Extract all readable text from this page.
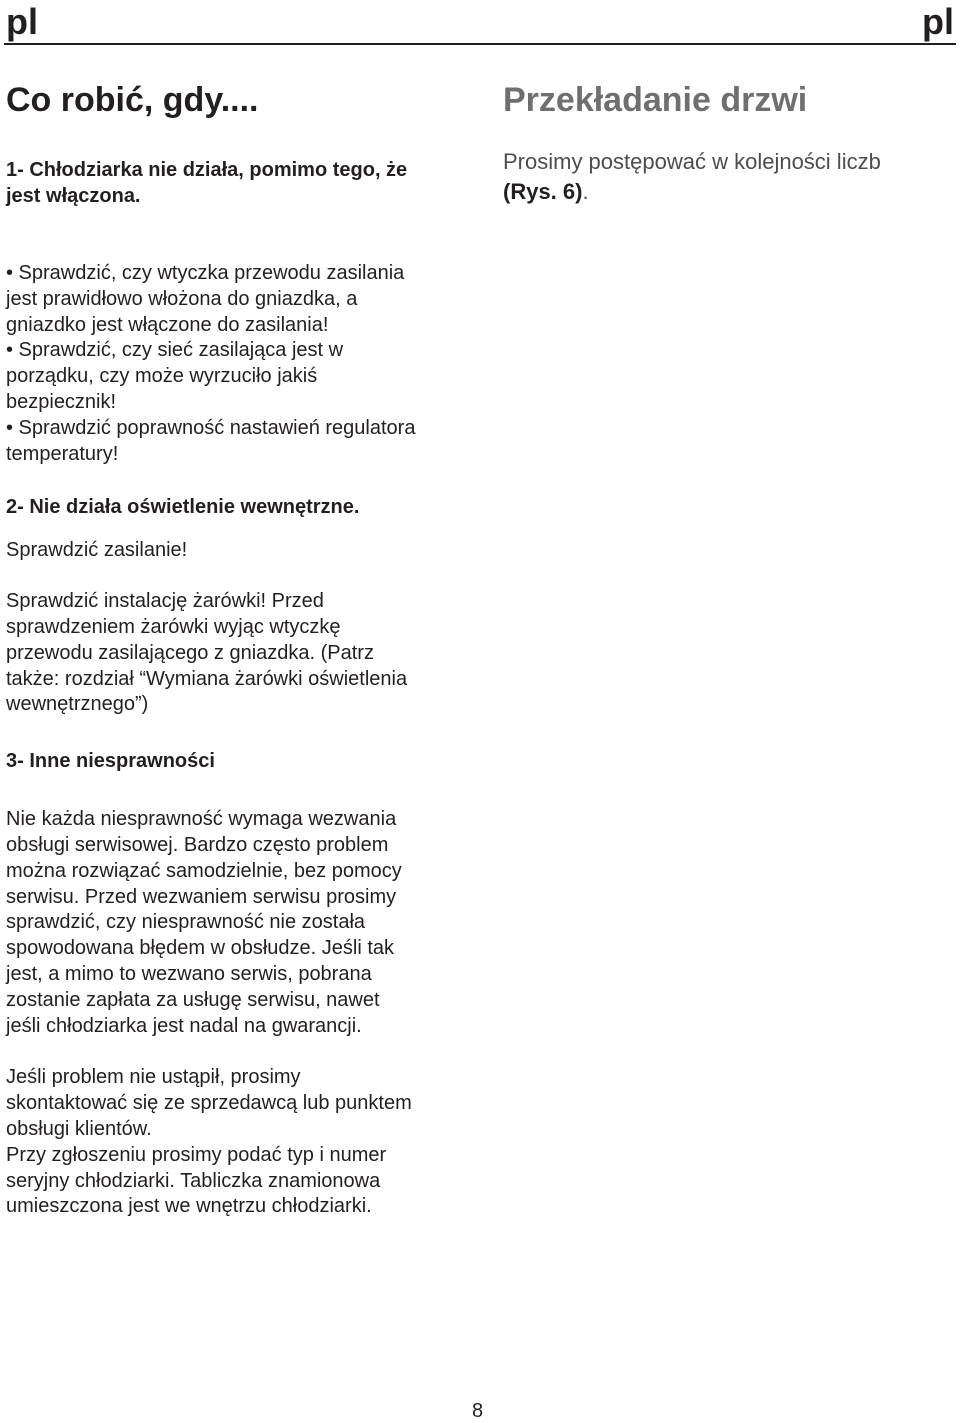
pl	pl
Co robić, gdy....

1- Chłodziarka nie działa, pomimo tego, że
jest włączona.

• Sprawdzić, czy wtyczka przewodu zasilania
jest prawidłowo włożona do gniazdka, a
gniazdko jest włączone do zasilania!

• Sprawdzić, czy sieć zasilająca jest w
porządku, czy może wyrzuciło jakiś
bezpiecznik!

• Sprawdzić poprawność nastawień regulatora
temperatury!

2- Nie działa oświetlenie wewnętrzne.

Sprawdzić zasilanie!

Sprawdzić instalację żarówki! Przed
sprawdzeniem żarówki wyjąc wtyczkę
przewodu zasilającego z gniazdka. (Patrz
także: rozdział “Wymiana żarówki oświetlenia
wewnętrznego”)

3- Inne niesprawności

Nie każda niesprawność wymaga wezwania
obsługi serwisowej. Bardzo często problem
można rozwiązać samodzielnie, bez pomocy
serwisu. Przed wezwaniem serwisu prosimy
sprawdzić, czy niesprawność nie została
spowodowana błędem w obsłudze. Jeśli tak
jest, a mimo to wezwano serwis, pobrana
zostanie zapłata za usługę serwisu, nawet
jeśli chłodziarka jest nadal na gwarancji.

Jeśli problem nie ustąpił, prosimy
skontaktować się ze sprzedawcą lub punktem
obsługi klientów.
Przy zgłoszeniu prosimy podać typ i numer
seryjny chłodziarki. Tabliczka znamionowa
umieszczona jest we wnętrzu chłodziarki.

Przekładanie drzwi

Prosimy postępować w kolejności liczb
(Rys. 6).

8
